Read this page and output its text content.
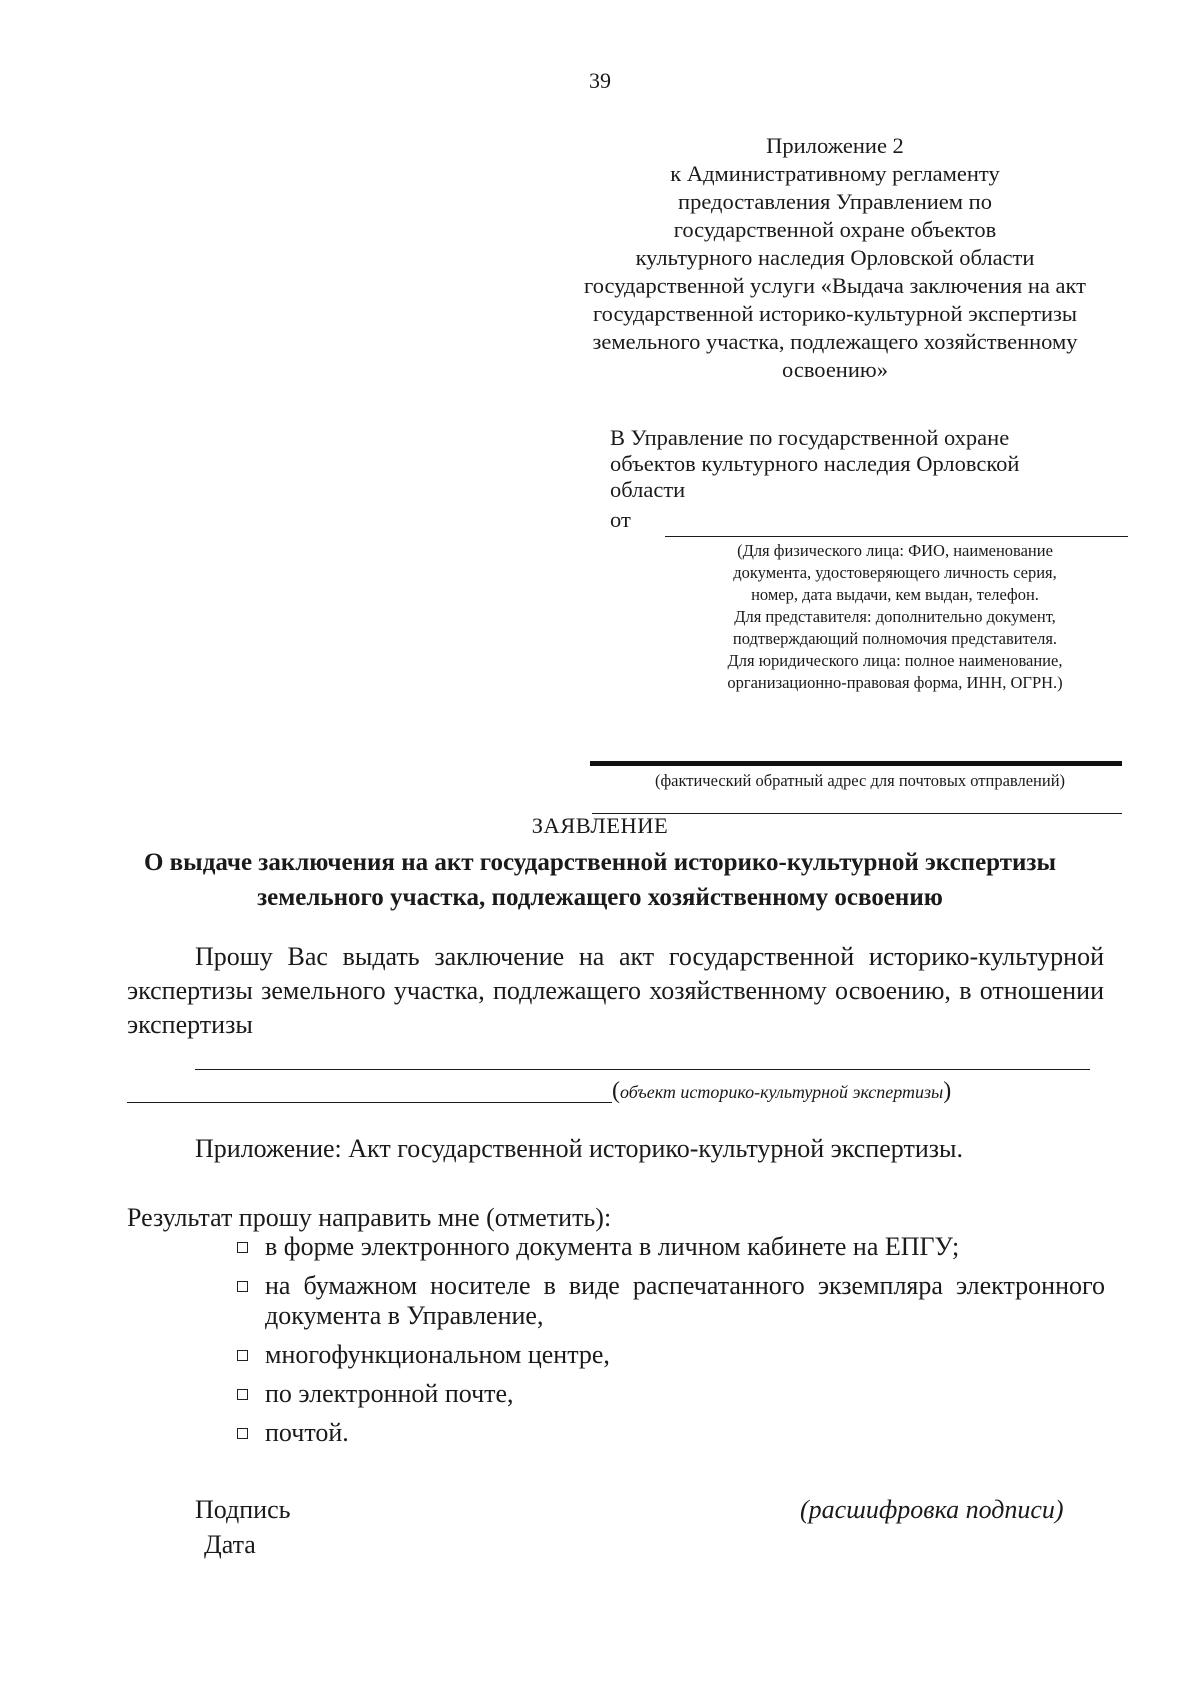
39
Приложение 2
к Административному регламенту
предоставления Управлением по
государственной охране объектов
культурного наследия Орловской области
государственной услуги «Выдача заключения на акт
государственной историко-культурной экспертизы
земельного участка, подлежащего хозяйственному
освоению»
В Управление по государственной охране объектов культурного наследия Орловской области
от
(Для физического лица: ФИО, наименование
документа, удостоверяющего личность серия,
номер, дата выдачи, кем выдан, телефон.
Для представителя: дополнительно документ,
подтверждающий полномочия представителя.
Для юридического лица: полное наименование,
организационно-правовая форма, ИНН, ОГРН.)
(фактический обратный адрес для почтовых отправлений)
ЗАЯВЛЕНИЕ
О выдаче заключения на акт государственной историко-культурной экспертизы земельного участка, подлежащего хозяйственному освоению
Прошу Вас выдать заключение на акт государственной историко-культурной экспертизы земельного участка, подлежащего хозяйственному освоению, в отношении экспертизы
(объект историко-культурной экспертизы)
Приложение: Акт государственной историко-культурной экспертизы.
Результат прошу направить мне (отметить):
в форме электронного документа в личном кабинете на ЕПГУ;
на бумажном носителе в виде распечатанного экземпляра электронного документа в Управление,
многофункциональном центре,
по электронной почте,
почтой.
Подпись	(расшифровка подписи)
Дата
